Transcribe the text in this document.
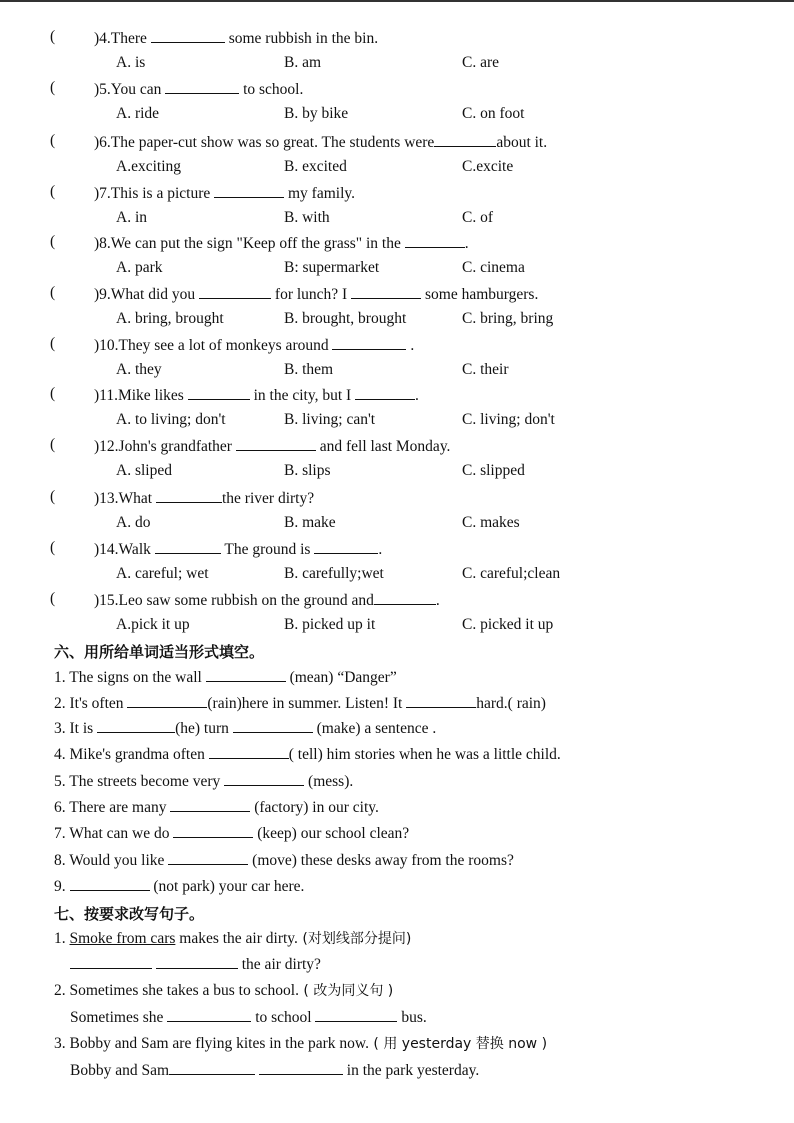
(	)4.There	some rubbish in the bin.
A. is	B. am	C. are
(	)5.You can	to school.
A. ride	B. by bike	C. on foot
(	)6.The paper-cut show was so great. The students were	about it.
A.exciting	B. excited	C.excite
(	)7.This is a picture	my family.
A. in	B. with	C. of
(	)8.We can put the sign "Keep off the grass" in the	.
A. park	B: supermarket	C. cinema
(	)9.What did you	for lunch? I	some hamburgers.
A. bring, brought	B. brought, brought	C. bring, bring
(	)10.They see a lot of monkeys around	.
A. they	B. them	C. their
(	)11.Mike likes	in the city, but I	.
A. to living; don't	B. living; can't	C. living; don't
(	)12.John's grandfather	and fell last Monday.
A. sliped	B. slips	C. slipped
(	)13.What	the river dirty?
A. do	B. make	C. makes
(	)14.Walk	The ground is	.
A. careful; wet	B. carefully;wet	C. careful;clean
(	)15.Leo saw some rubbish on the ground and	.
A.pick it up	B. picked up it	C. picked it up
六、用所给单词适当形式填空。
1. The signs on the wall	(mean) “Danger”
2. It's often	(rain)here in summer. Listen! It	hard.( rain)
3. It is	(he) turn	(make) a sentence .
4. Mike's grandma often	( tell) him stories when he was a little child.
5. The streets become very	(mess).
6. There are many	(factory) in our city.
7. What can we do	(keep) our school clean?
8. Would you like	(move) these desks away from the rooms?
9.	(not park) your car here.
七、按要求改写句子。
1. Smoke from cars makes the air dirty. (对划线部分提问)
the air dirty?
2. Sometimes she takes a bus to school. ( 改为同义句 )
Sometimes she	to school	bus.
3. Bobby and Sam are flying kites in the park now. ( 用 yesterday 替换 now )
Bobby and Sam	in the park yesterday.
